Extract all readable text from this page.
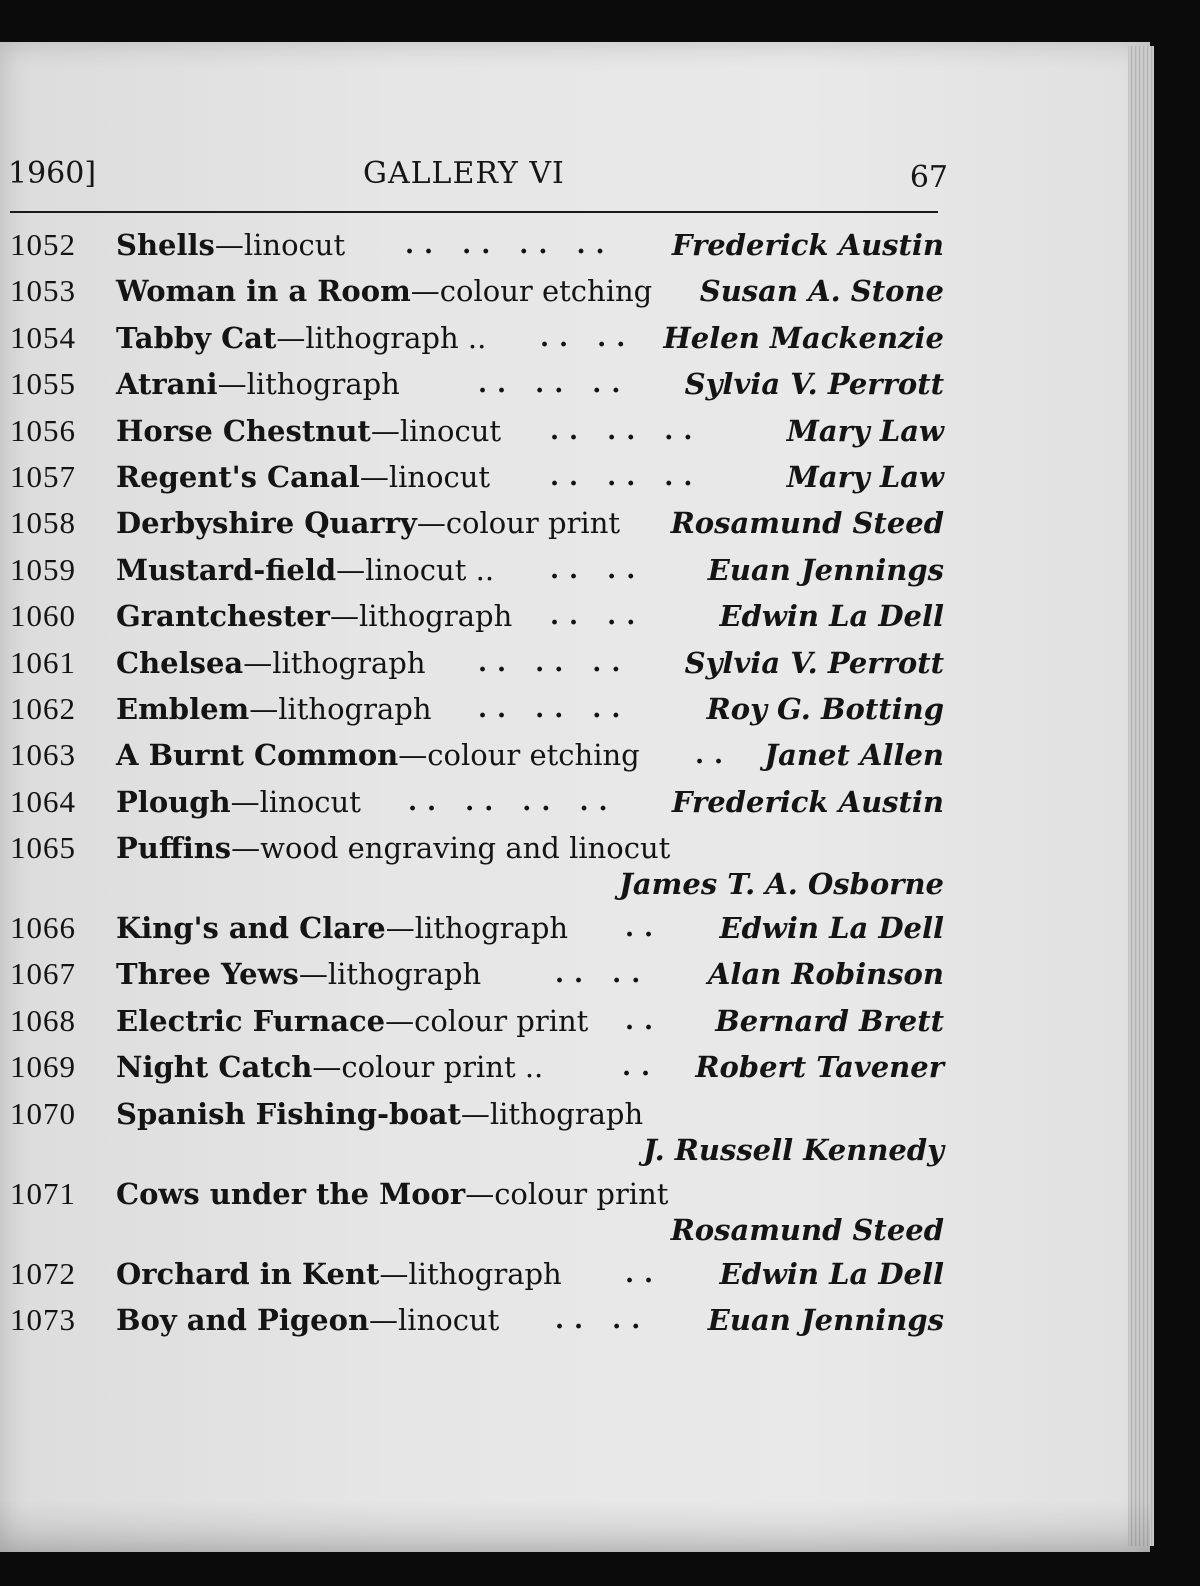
1960]	GALLERY VI	67
1052	Shells—linocut .. .. .. .. Frederick Austin
1053	Woman in a Room—colour etching Susan A. Stone
1054	Tabby Cat—lithograph .. .. .. Helen Mackenzie
1055	Atrani—lithograph	.. .. .. Sylvia V. Perrott
1056	Horse Chestnut—linocut .. .. ..	Mary Law
1057	Regent's Canal—linocut .. .. ..	Mary Law
1058	Derbyshire Quarry—colour print Rosamund Steed
1059	Mustard-field—linocut .. .. .. Euan Jennings
1060	Grantchester—lithograph .. ..	Edwin La Dell
1061	Chelsea—lithograph .. .. .. Sylvia V. Perrott
1062	Emblem—lithograph .. .. ..	Roy G. Botting
1063	A Burnt Common—colour etching .. Janet Allen
1064	Plough—linocut .. .. .. .. Frederick Austin
1065	Puffins—wood engraving and linocut
James T. A. Osborne
1066	King's and Clare—lithograph .. Edwin La Dell
1067	Three Yews—lithograph	.. .. Alan Robinson
1068	Electric Furnace—colour print .. Bernard Brett
1069	Night Catch—colour print ..	.. Robert Tavener
1070	Spanish Fishing-boat—lithograph
J. Russell Kennedy
1071	Cows under the Moor—colour print
Rosamund Steed
1072	Orchard in Kent—lithograph .. Edwin La Dell
1073	Boy and Pigeon—linocut .. .. Euan Jennings
